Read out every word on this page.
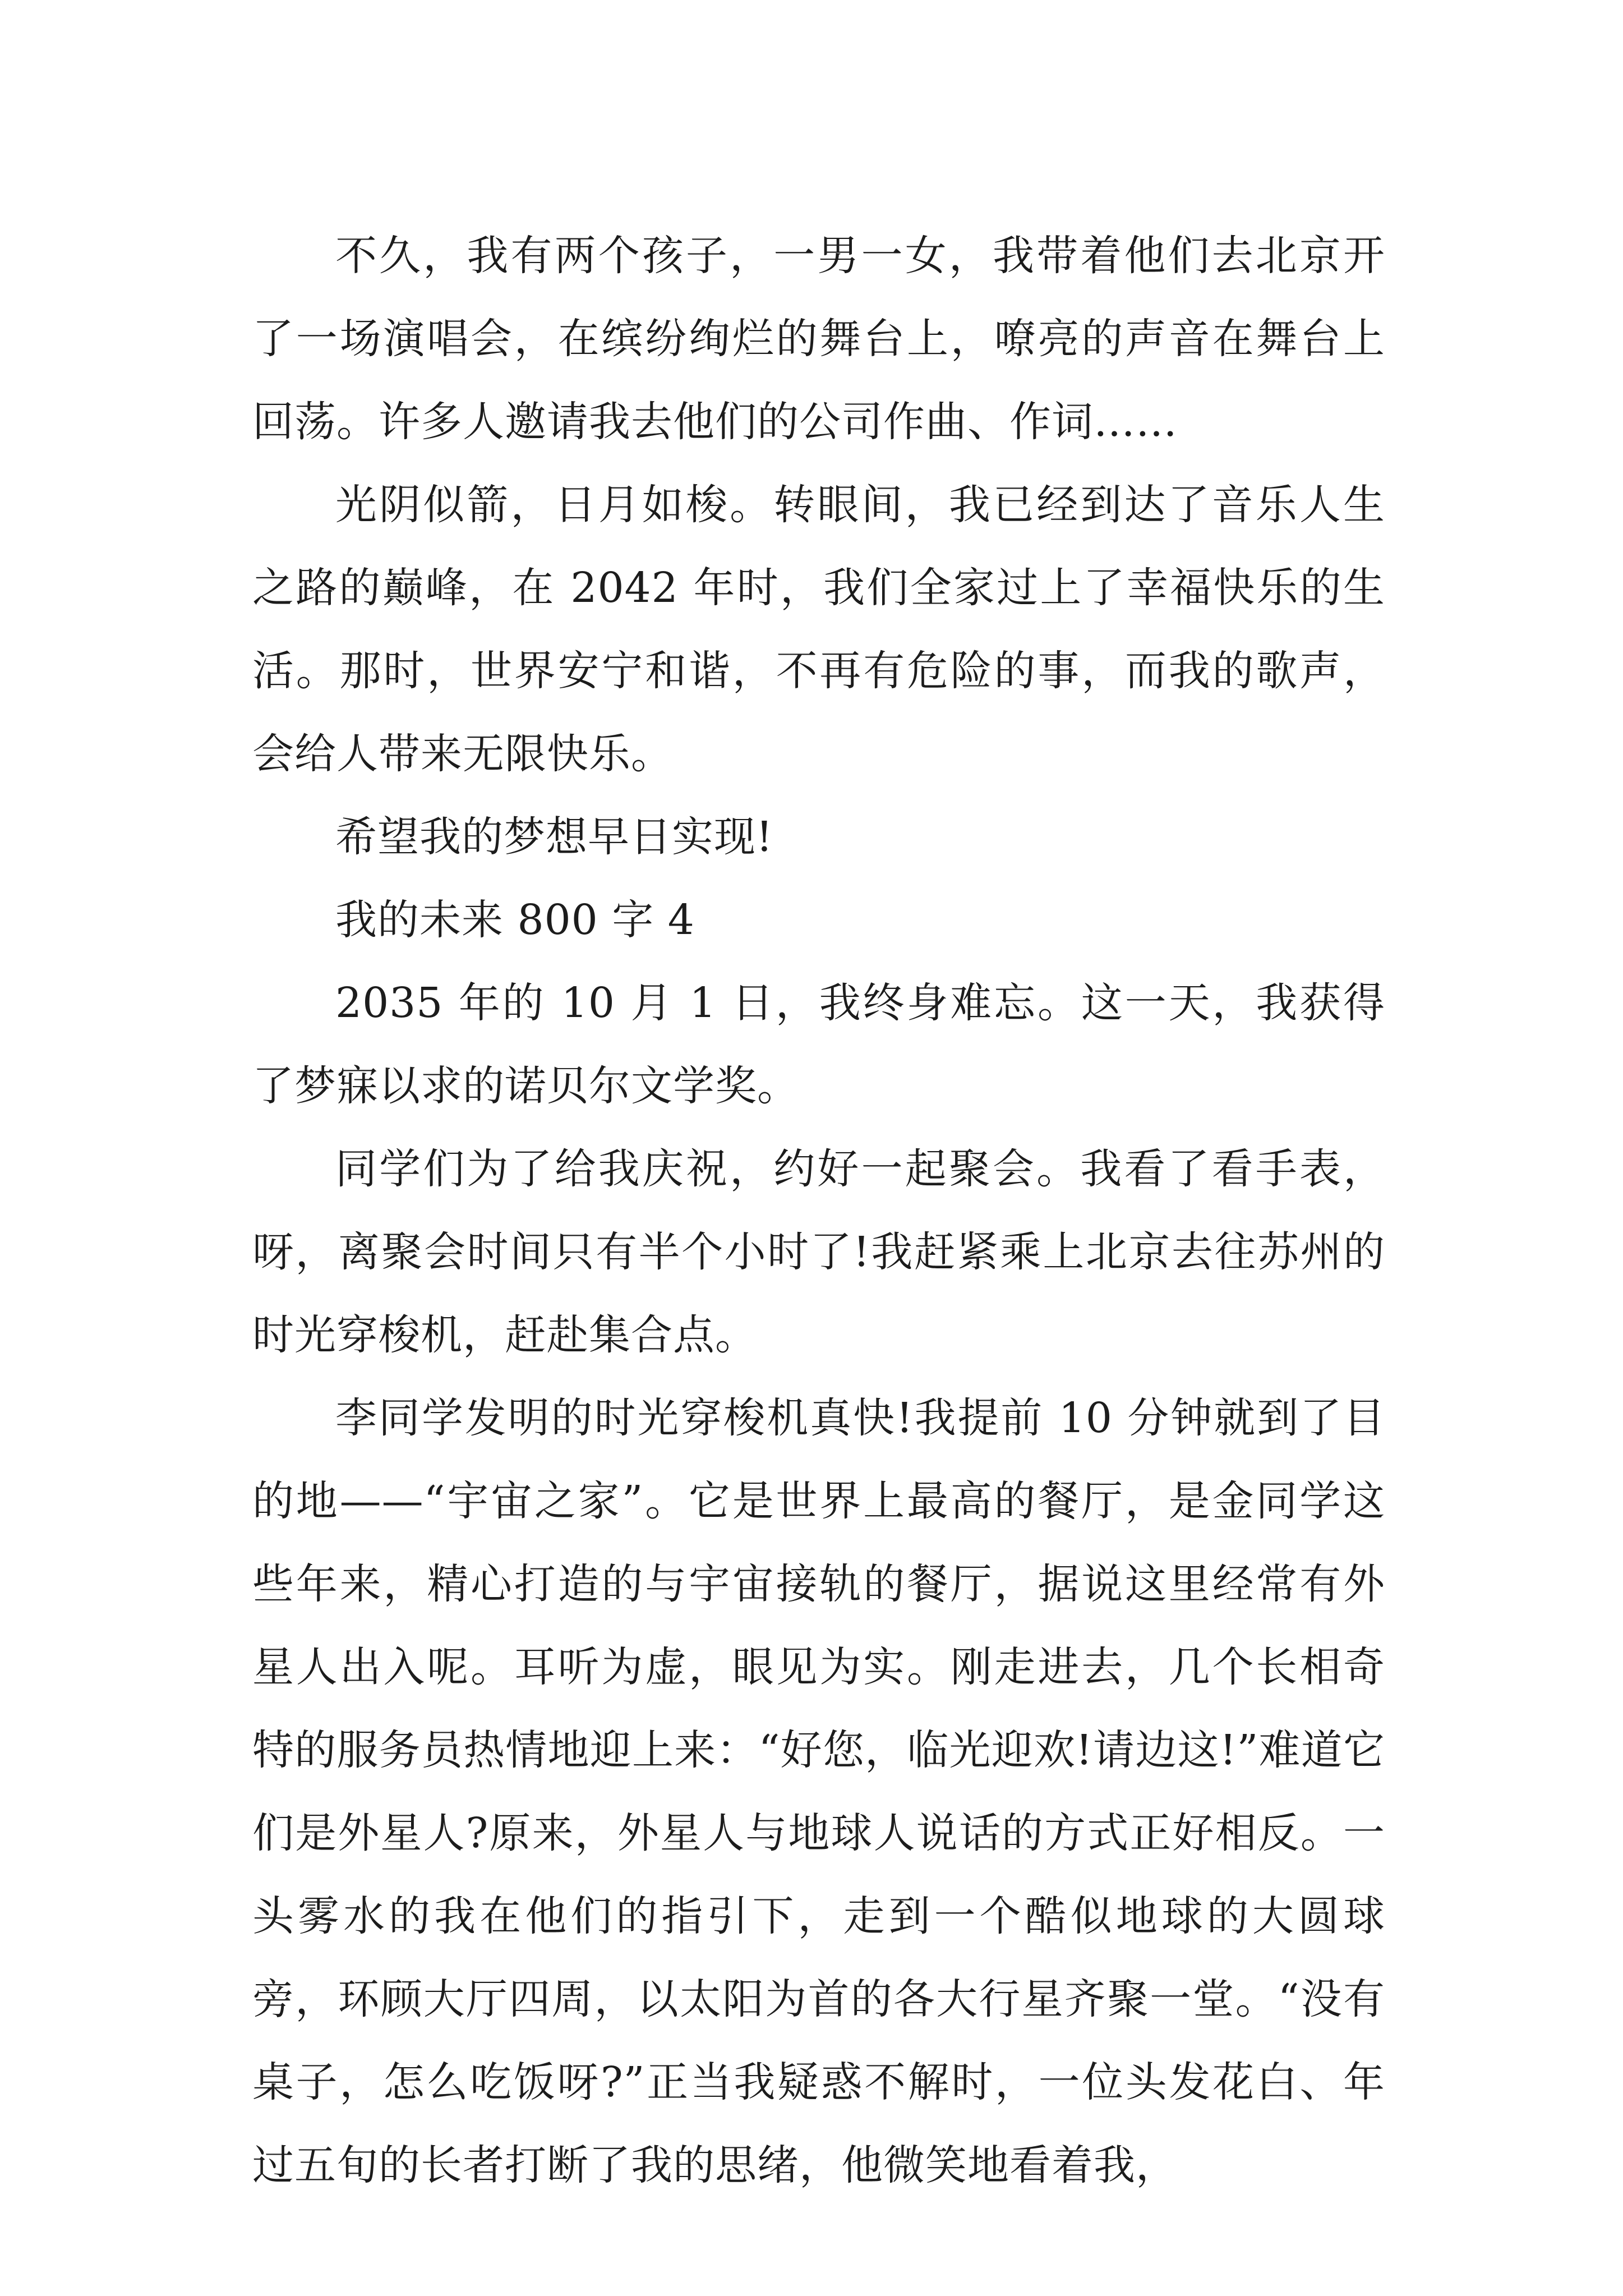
不久，我有两个孩子，一男一女，我带着他们去北京开了一场演唱会，在缤纷绚烂的舞台上，嘹亮的声音在舞台上回荡。许多人邀请我去他们的公司作曲、作词……

光阴似箭，日月如梭。转眼间，我已经到达了音乐人生之路的巅峰，在 2042 年时，我们全家过上了幸福快乐的生活。那时，世界安宁和谐，不再有危险的事，而我的歌声，会给人带来无限快乐。

希望我的梦想早日实现!

我的未来 800 字 4

2035 年的 10 月 1 日，我终身难忘。这一天，我获得了梦寐以求的诺贝尔文学奖。

同学们为了给我庆祝，约好一起聚会。我看了看手表，呀，离聚会时间只有半个小时了!我赶紧乘上北京去往苏州的时光穿梭机，赶赴集合点。

李同学发明的时光穿梭机真快!我提前 10 分钟就到了目的地——“宇宙之家”。它是世界上最高的餐厅，是金同学这些年来，精心打造的与宇宙接轨的餐厅，据说这里经常有外星人出入呢。耳听为虚，眼见为实。刚走进去，几个长相奇特的服务员热情地迎上来：“好您，临光迎欢!请边这!”难道它们是外星人?原来，外星人与地球人说话的方式正好相反。一头雾水的我在他们的指引下，走到一个酷似地球的大圆球旁，环顾大厅四周，以太阳为首的各大行星齐聚一堂。“没有桌子，怎么吃饭呀?”正当我疑惑不解时，一位头发花白、年过五旬的长者打断了我的思绪，他微笑地看着我，
